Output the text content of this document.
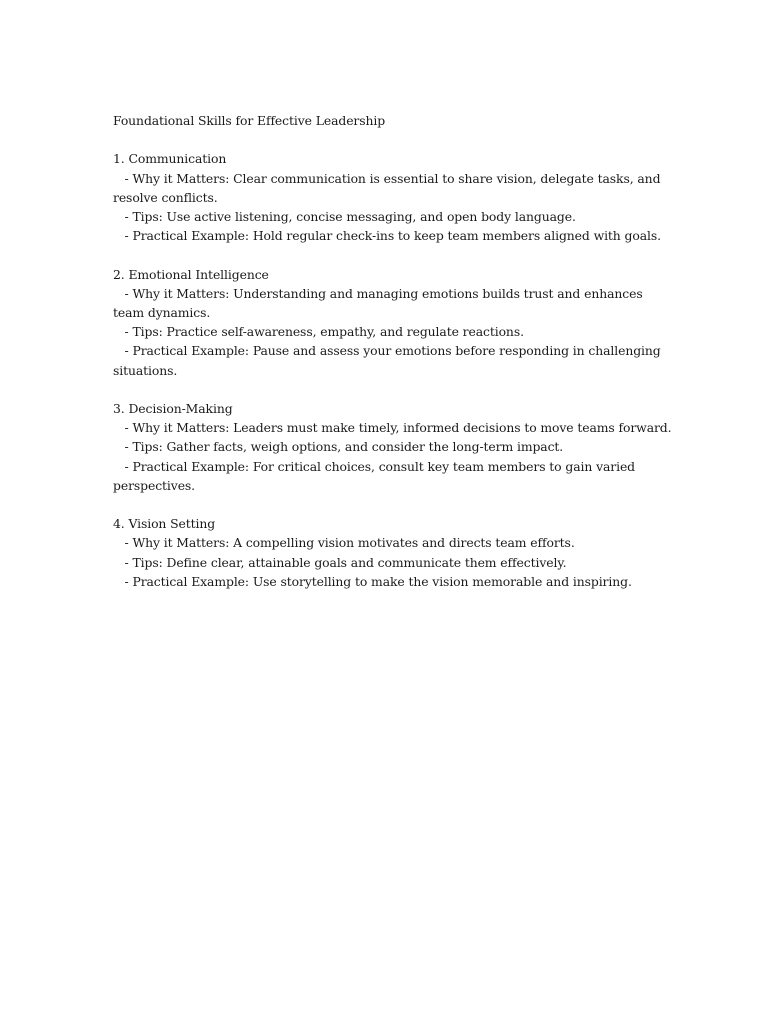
Foundational Skills for Effective Leadership
1. Communication
- Why it Matters: Clear communication is essential to share vision, delegate tasks, and resolve conflicts.
- Tips: Use active listening, concise messaging, and open body language.
- Practical Example: Hold regular check-ins to keep team members aligned with goals.
2. Emotional Intelligence
- Why it Matters: Understanding and managing emotions builds trust and enhances team dynamics.
- Tips: Practice self-awareness, empathy, and regulate reactions.
- Practical Example: Pause and assess your emotions before responding in challenging situations.
3. Decision-Making
- Why it Matters: Leaders must make timely, informed decisions to move teams forward.
- Tips: Gather facts, weigh options, and consider the long-term impact.
- Practical Example: For critical choices, consult key team members to gain varied perspectives.
4. Vision Setting
- Why it Matters: A compelling vision motivates and directs team efforts.
- Tips: Define clear, attainable goals and communicate them effectively.
- Practical Example: Use storytelling to make the vision memorable and inspiring.
